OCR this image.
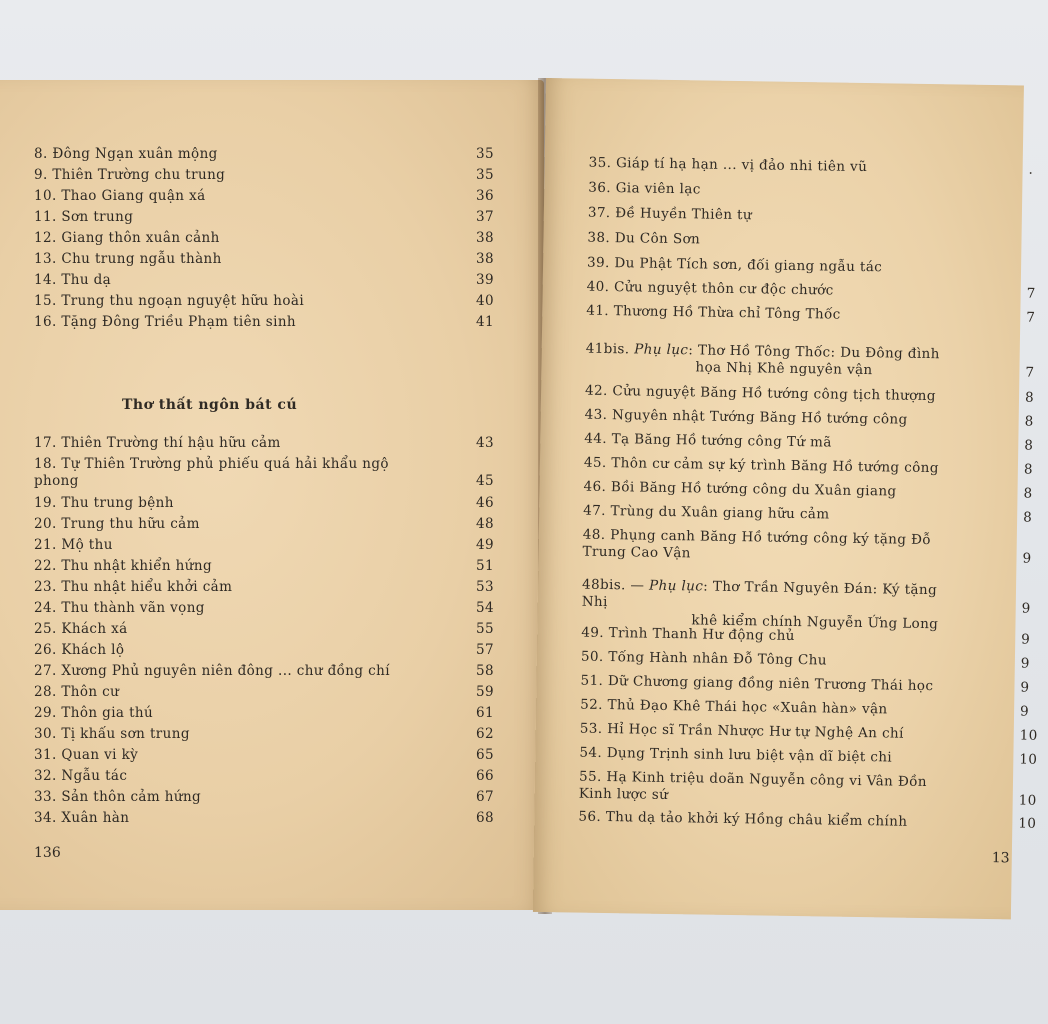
8. Đông Ngạn xuân mộng	35
9. Thiên Trường chu trung	35
10. Thao Giang quận xá	36
11. Sơn trung	37
12. Giang thôn xuân cảnh	38
13. Chu trung ngẫu thành	38
14. Thu dạ	39
15. Trung thu ngoạn nguyệt hữu hoài	40
16. Tặng Đông Triều Phạm tiên sinh	41
Thơ thất ngôn bát cú
17. Thiên Trường thí hậu hữu cảm	43
18. Tự Thiên Trường phủ phiếu quá hải khẩu ngộ
phong	45
19. Thu trung bệnh	46
20. Trung thu hữu cảm	48
21. Mộ thu	49
22. Thu nhật khiển hứng	51
23. Thu nhật hiểu khởi cảm	53
24. Thu thành vãn vọng	54
25. Khách xá	55
26. Khách lộ	57
27. Xương Phủ nguyên niên đông ... chư đồng chí	58
28. Thôn cư	59
29. Thôn gia thú	61
30. Tị khấu sơn trung	62
31. Quan vi kỳ	65
32. Ngẫu tác	66
33. Sản thôn cảm hứng	67
34. Xuân hàn	68
136
35. Giáp tí hạ hạn ... vị đảo nhi tiên vũ	.
36. Gia viên lạc
37. Đề Huyền Thiên tự
38. Du Côn Sơn
39. Du Phật Tích sơn, đối giang ngẫu tác
40. Cửu nguyệt thôn cư độc chước	7
41. Thương Hồ Thừa chỉ Tông Thốc	7
41bis. Phụ lục: Thơ Hồ Tông Thốc: Du Đông đình
họa Nhị Khê nguyên vận	7
42. Cửu nguyệt Băng Hồ tướng công tịch thượng	8
43. Nguyên nhật Tướng Băng Hồ tướng công	8
44. Tạ Băng Hồ tướng công Tứ mã	8
45. Thôn cư cảm sự ký trình Băng Hồ tướng công	8
46. Bồi Băng Hồ tướng công du Xuân giang	8
47. Trùng du Xuân giang hữu cảm	8
48. Phụng canh Băng Hồ tướng công ký tặng Đỗ
Trung Cao Vận	9
48bis. — Phụ lục: Thơ Trần Nguyên Đán: Ký tặng Nhị
khê kiểm chính Nguyễn Ứng Long
9
49. Trình Thanh Hư động chủ	9
50. Tống Hành nhân Đỗ Tông Chu	9
51. Dữ Chương giang đồng niên Trương Thái học	9
52. Thủ Đạo Khê Thái học «Xuân hàn» vận	9
53. Hỉ Học sĩ Trần Nhược Hư tự Nghệ An chí	10
54. Dụng Trịnh sinh lưu biệt vận dĩ biệt chi	10
55. Hạ Kinh triệu doãn Nguyễn công vi Vân Đồn
Kinh lược sứ	10
56. Thu dạ tảo khởi ký Hồng châu kiểm chính	10
13
